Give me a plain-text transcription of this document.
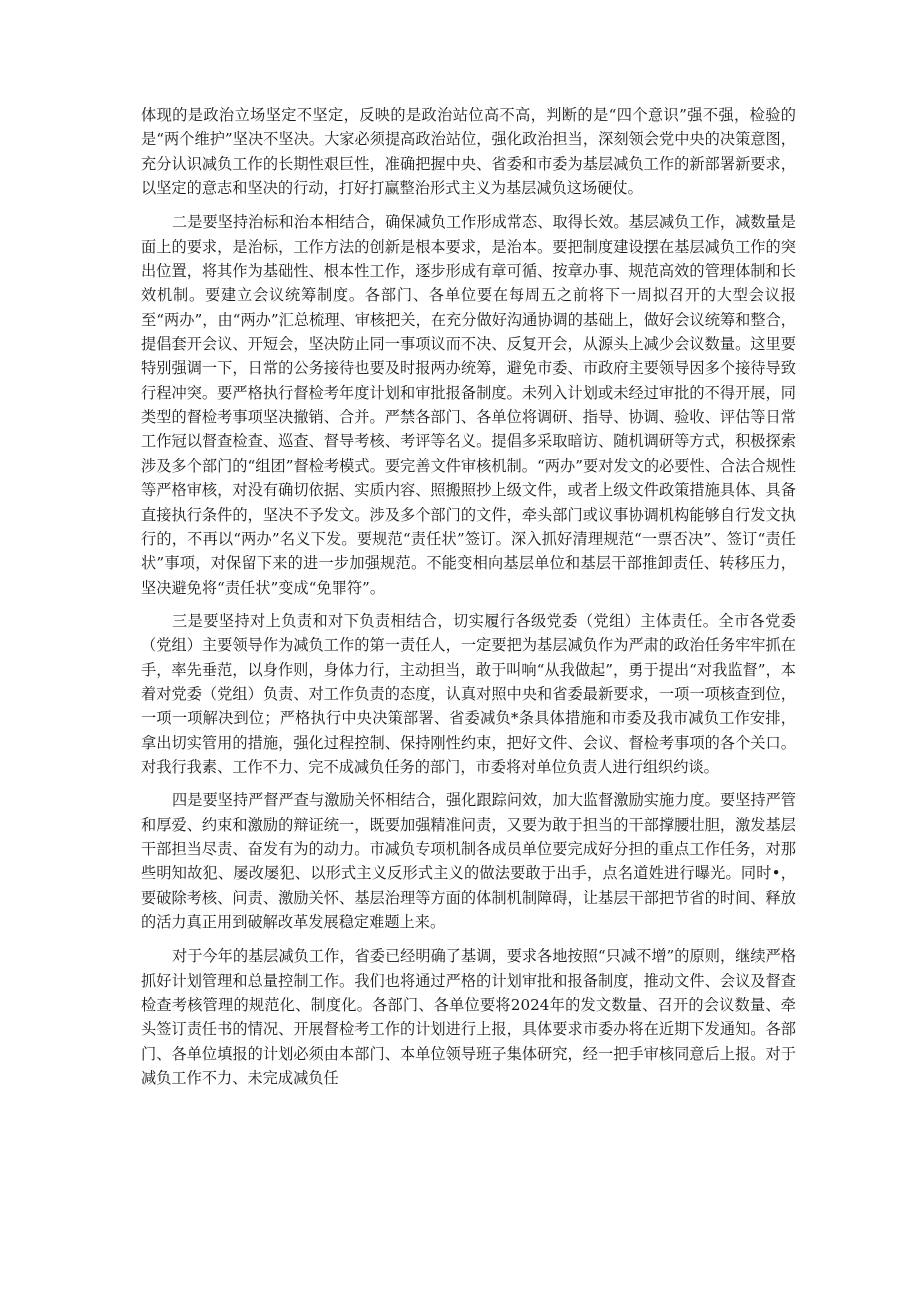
体现的是政治立场坚定不坚定，反映的是政治站位高不高，判断的是“四个意识”强不强，检验的是“两个维护”坚决不坚决。大家必须提高政治站位，强化政治担当，深刻领会党中央的决策意图，充分认识减负工作的长期性艰巨性，准确把握中央、省委和市委为基层减负工作的新部署新要求，以坚定的意志和坚决的行动，打好打赢整治形式主义为基层减负这场硬仗。

二是要坚持治标和治本相结合，确保减负工作形成常态、取得长效。基层减负工作，减数量是面上的要求，是治标，工作方法的创新是根本要求，是治本。要把制度建设摆在基层减负工作的突出位置，将其作为基础性、根本性工作，逐步形成有章可循、按章办事、规范高效的管理体制和长效机制。要建立会议统筹制度。各部门、各单位要在每周五之前将下一周拟召开的大型会议报至“两办”，由“两办”汇总梳理、审核把关，在充分做好沟通协调的基础上，做好会议统筹和整合，提倡套开会议、开短会，坚决防止同一事项议而不决、反复开会，从源头上减少会议数量。这里要特别强调一下，日常的公务接待也要及时报两办统筹，避免市委、市政府主要领导因多个接待导致行程冲突。要严格执行督检考年度计划和审批报备制度。未列入计划或未经过审批的不得开展，同类型的督检考事项坚决撤销、合并。严禁各部门、各单位将调研、指导、协调、验收、评估等日常工作冠以督查检查、巡查、督导考核、考评等名义。提倡多采取暗访、随机调研等方式，积极探索涉及多个部门的“组团”督检考模式。要完善文件审核机制。“两办”要对发文的必要性、合法合规性等严格审核，对没有确切依据、实质内容、照搬照抄上级文件，或者上级文件政策措施具体、具备直接执行条件的，坚决不予发文。涉及多个部门的文件，牵头部门或议事协调机构能够自行发文执行的，不再以“两办”名义下发。要规范“责任状”签订。深入抓好清理规范“一票否决”、签订“责任状”事项，对保留下来的进一步加强规范。不能变相向基层单位和基层干部推卸责任、转移压力，坚决避免将“责任状”变成“免罪符”。

三是要坚持对上负责和对下负责相结合，切实履行各级党委（党组）主体责任。全市各党委（党组）主要领导作为减负工作的第一责任人，一定要把为基层减负作为严肃的政治任务牢牢抓在手，率先垂范，以身作则，身体力行，主动担当，敢于叫响“从我做起”，勇于提出“对我监督”，本着对党委（党组）负责、对工作负责的态度，认真对照中央和省委最新要求，一项一项核查到位，一项一项解决到位；严格执行中央决策部署、省委减负*条具体措施和市委及我市减负工作安排，拿出切实管用的措施，强化过程控制、保持刚性约束，把好文件、会议、督检考事项的各个关口。对我行我素、工作不力、完不成减负任务的部门，市委将对单位负责人进行组织约谈。

四是要坚持严督严查与激励关怀相结合，强化跟踪问效，加大监督激励实施力度。要坚持严管和厚爱、约束和激励的辩证统一，既要加强精准问责，又要为敢于担当的干部撑腰壮胆，激发基层干部担当尽责、奋发有为的动力。市减负专项机制各成员单位要完成好分担的重点工作任务，对那些明知故犯、屡改屡犯、以形式主义反形式主义的做法要敢于出手，点名道姓进行曝光。同时•，要破除考核、问责、激励关怀、基层治理等方面的体制机制障碍，让基层干部把节省的时间、释放的活力真正用到破解改革发展稳定难题上来。

对于今年的基层减负工作，省委已经明确了基调，要求各地按照“只减不增”的原则，继续严格抓好计划管理和总量控制工作。我们也将通过严格的计划审批和报备制度，推动文件、会议及督查检查考核管理的规范化、制度化。各部门、各单位要将2024年的发文数量、召开的会议数量、牵头签订责任书的情况、开展督检考工作的计划进行上报，具体要求市委办将在近期下发通知。各部门、各单位填报的计划必须由本部门、本单位领导班子集体研究，经一把手审核同意后上报。对于减负工作不力、未完成减负任
